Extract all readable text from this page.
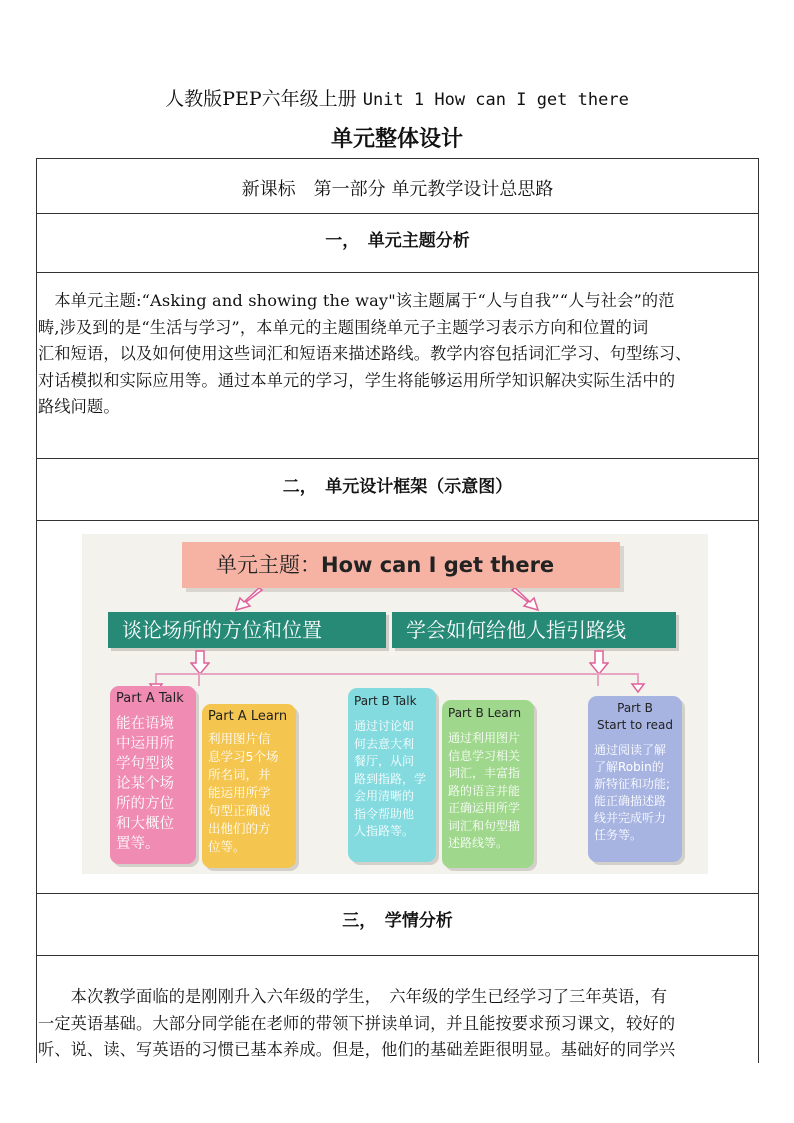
人教版PEP六年级上册 Unit 1 How can I get there
单元整体设计
新课标　第一部分 单元教学设计总思路
一，　单元主题分析

　本单元主题:“Asking and showing the way"该主题属于“人与自我”“人与社会”的范

畴,涉及到的是“生活与学习”，本单元的主题围绕单元子主题学习表示方向和位置的词

汇和短语，以及如何使用这些词汇和短语来描述路线。教学内容包括词汇学习、句型练习、

对话模拟和实际应用等。通过本单元的学习，学生将能够运用所学知识解决实际生活中的

路线问题。

二，　单元设计框架（示意图）
单元主题：How can I get there
谈论场所的方位和位置	学会如何给他人指引路线
Part A Talk
能在语境
中运用所
学句型谈
论某个场
所的方位
和大概位
置等。
Part A Learn
利用图片信
息学习5个场
所名词，并
能运用所学
句型正确说
出他们的方
位等。
Part B Talk
通过讨论如
何去意大利
餐厅，从问
路到指路，学
会用清晰的
指令帮助他
人指路等。
Part B Learn
通过利用图片
信息学习相关
词汇，丰富指
路的语言并能
正确运用所学
词汇和句型描
述路线等。
Part B
Start to read
通过阅读了解
了解Robin的
新特征和功能;
能正确描述路
线并完成听力
任务等。
三，　学情分析

　　本次教学面临的是刚刚升入六年级的学生，　六年级的学生已经学习了三年英语，有

一定英语基础。大部分同学能在老师的带领下拼读单词，并且能按要求预习课文，较好的

听、说、读、写英语的习惯已基本养成。但是，他们的基础差距很明显。基础好的同学兴
